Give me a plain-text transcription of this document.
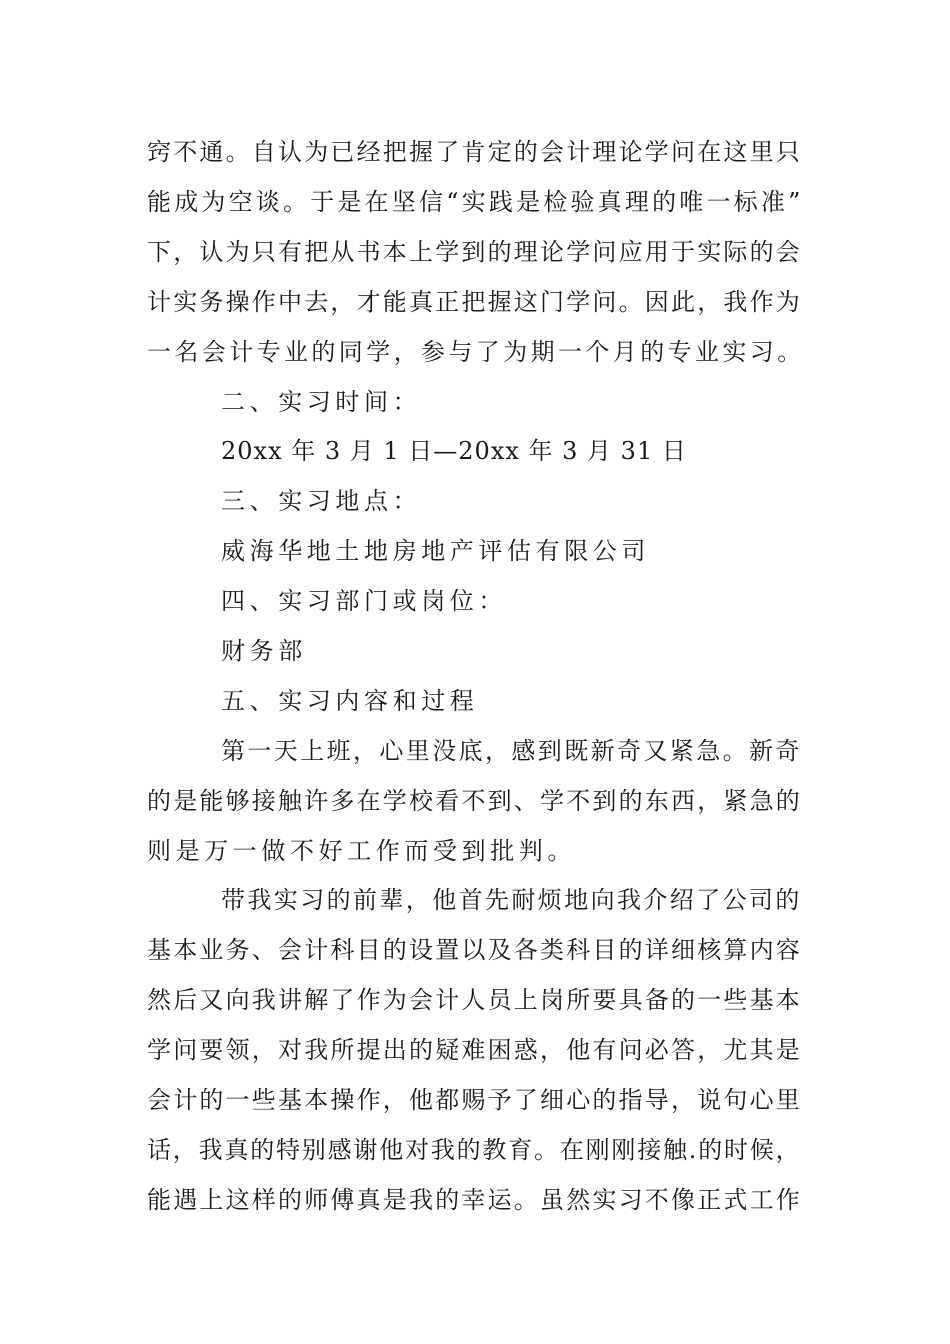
窍不通。自认为已经把握了肯定的会计理论学问在这里只
能成为空谈。于是在坚信“实践是检验真理的唯一标准”
下，认为只有把从书本上学到的理论学问应用于实际的会
计实务操作中去，才能真正把握这门学问。因此，我作为
一名会计专业的同学，参与了为期一个月的专业实习。
二、实习时间：
20xx 年 3 月 1 日—20xx 年 3 月 31 日
三、实习地点：
威海华地土地房地产评估有限公司
四、实习部门或岗位：
财务部
五、实习内容和过程
第一天上班，心里没底，感到既新奇又紧急。新奇
的是能够接触许多在学校看不到、学不到的东西，紧急的
则是万一做不好工作而受到批判。
带我实习的前辈，他首先耐烦地向我介绍了公司的
基本业务、会计科目的设置以及各类科目的详细核算内容
然后又向我讲解了作为会计人员上岗所要具备的一些基本
学问要领，对我所提出的疑难困惑，他有问必答，尤其是
会计的一些基本操作，他都赐予了细心的指导，说句心里
话，我真的特别感谢他对我的教育。在刚刚接触.的时候，
能遇上这样的师傅真是我的幸运。虽然实习不像正式工作
